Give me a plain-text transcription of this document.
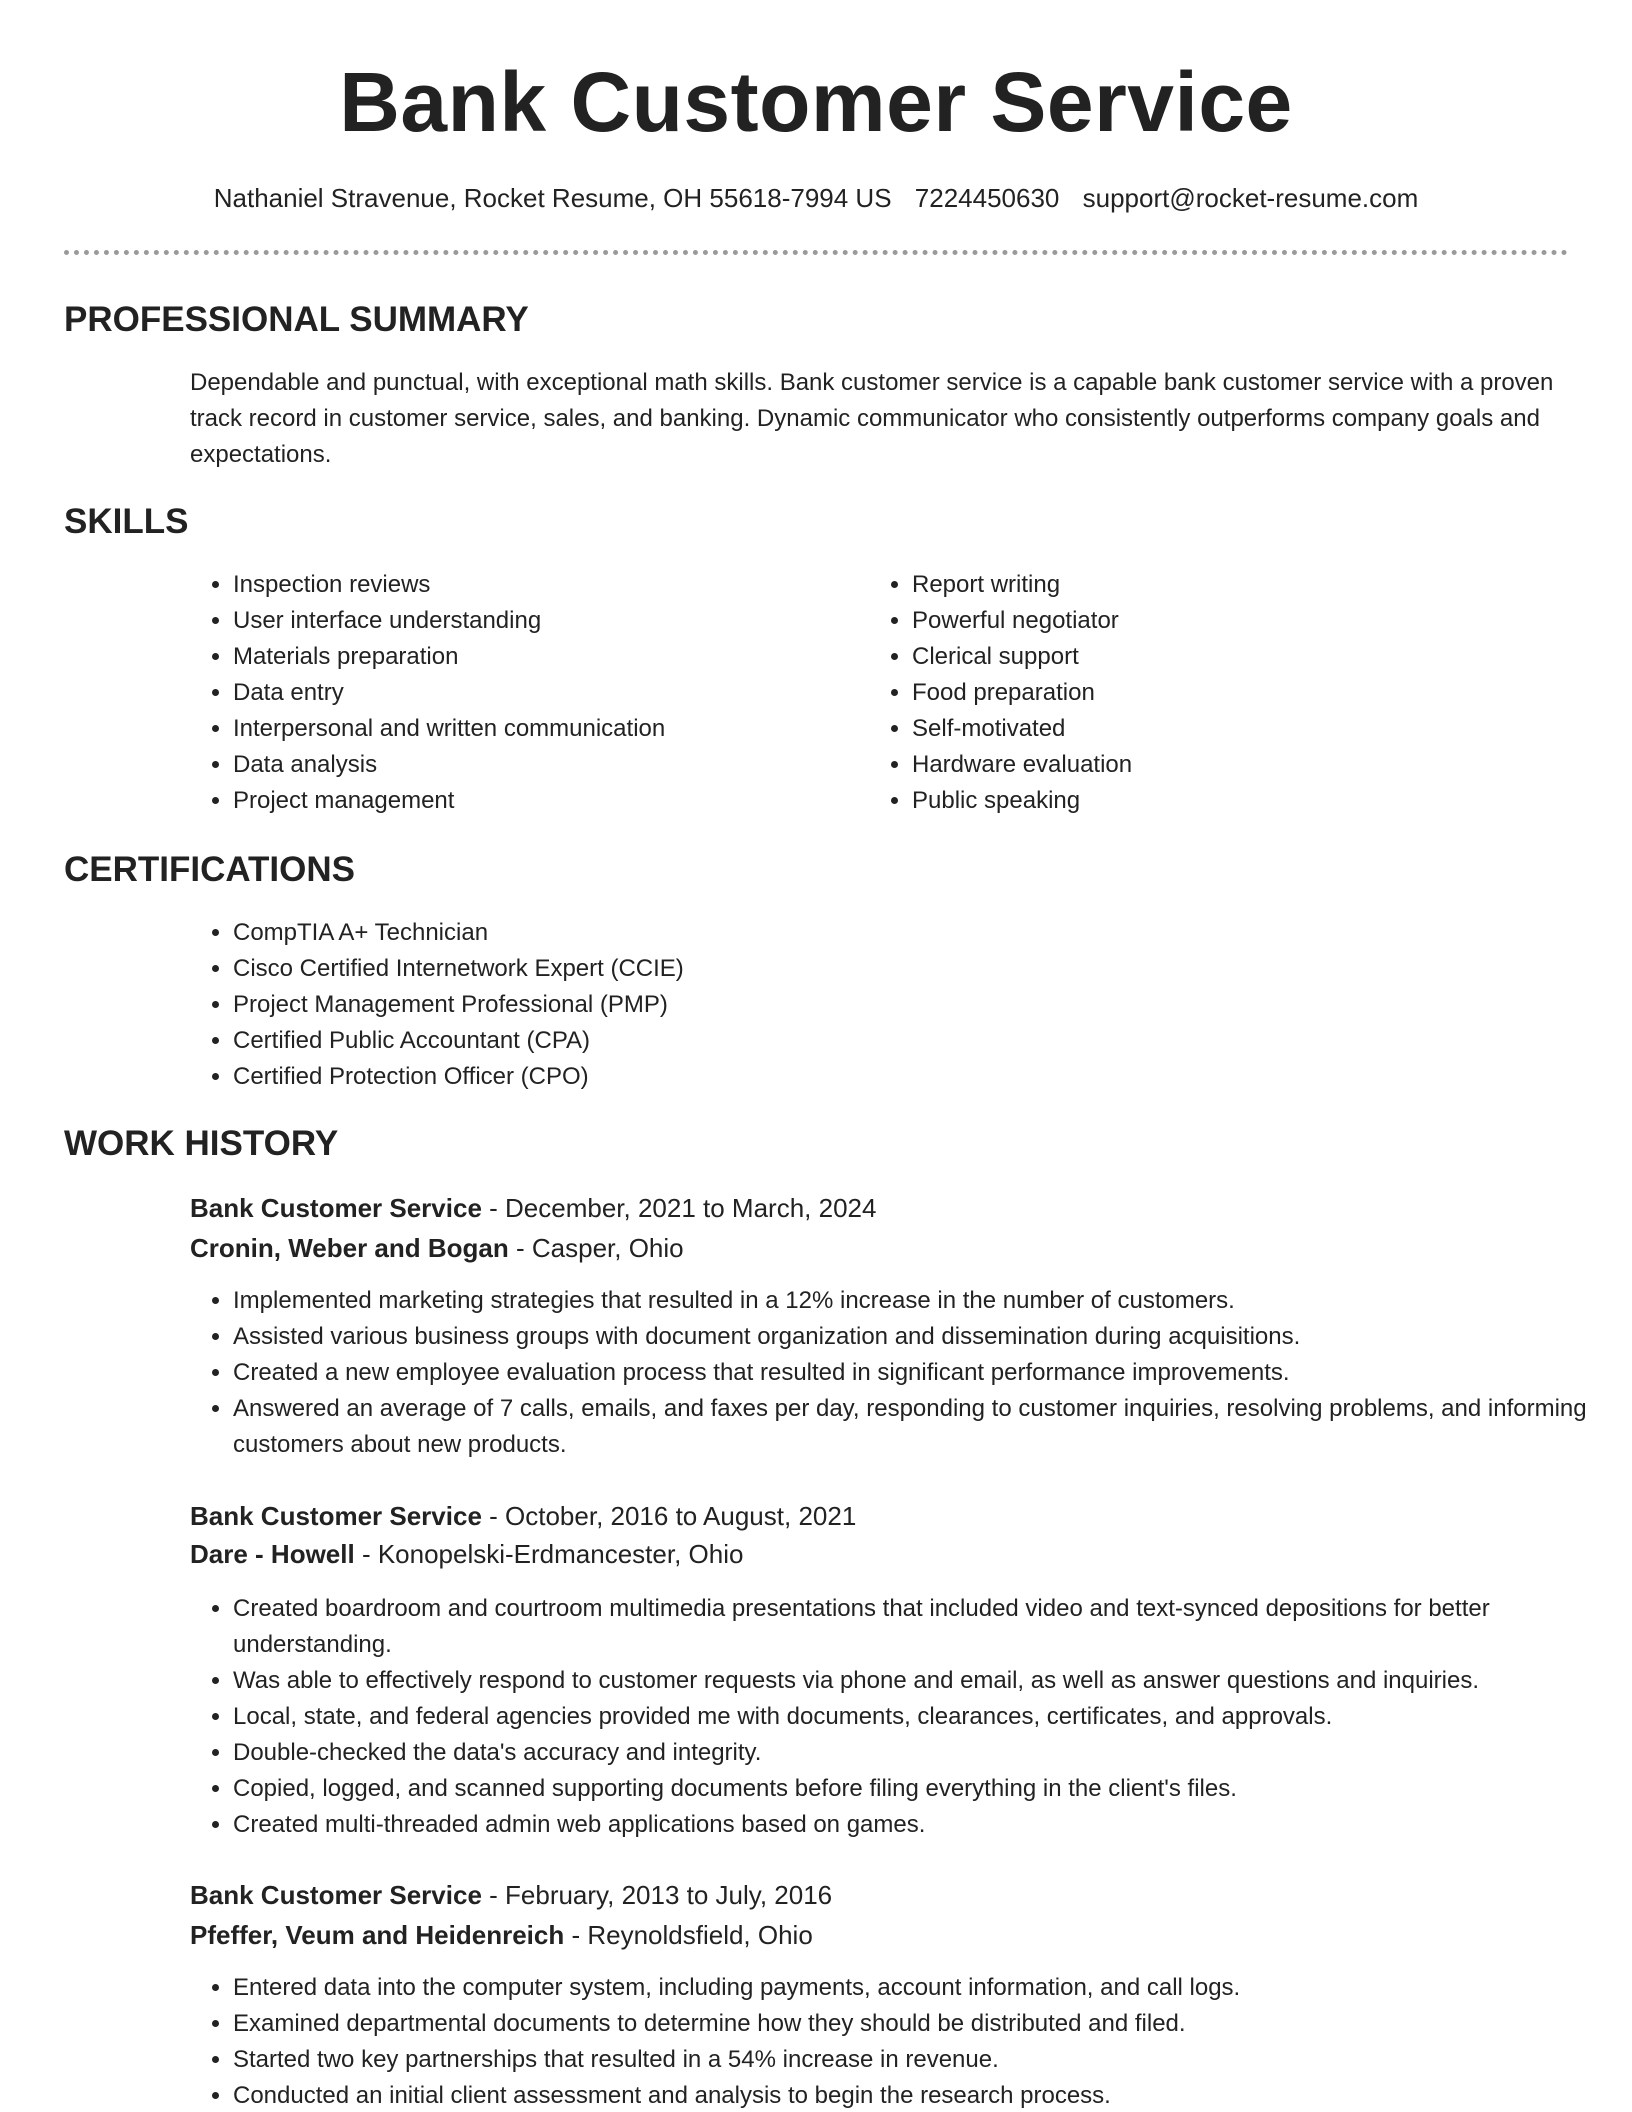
Bank Customer Service
Nathaniel Stravenue, Rocket Resume, OH 55618-7994 US 7224450630 support@rocket-resume.com
PROFESSIONAL SUMMARY

Dependable and punctual, with exceptional math skills. Bank customer service is a capable bank customer service with a proven track record in customer service, sales, and banking. Dynamic communicator who consistently outperforms company goals and expectations.

SKILLS
• Inspection reviews
• User interface understanding
• Materials preparation
• Data entry
• Interpersonal and written communication
• Data analysis
• Project management
• Report writing
• Powerful negotiator
• Clerical support
• Food preparation
• Self-motivated
• Hardware evaluation
• Public speaking
CERTIFICATIONS
• CompTIA A+ Technician
• Cisco Certified Internetwork Expert (CCIE)
• Project Management Professional (PMP)
• Certified Public Accountant (CPA)
• Certified Protection Officer (CPO)
WORK HISTORY
Bank Customer Service - December, 2021 to March, 2024
Cronin, Weber and Bogan - Casper, Ohio
• Implemented marketing strategies that resulted in a 12% increase in the number of customers.
• Assisted various business groups with document organization and dissemination during acquisitions.
• Created a new employee evaluation process that resulted in significant performance improvements.
• Answered an average of 7 calls, emails, and faxes per day, responding to customer inquiries, resolving problems, and informing customers about new products.
Bank Customer Service - October, 2016 to August, 2021
Dare - Howell - Konopelski-Erdmancester, Ohio
• Created boardroom and courtroom multimedia presentations that included video and text-synced depositions for better understanding.
• Was able to effectively respond to customer requests via phone and email, as well as answer questions and inquiries.
• Local, state, and federal agencies provided me with documents, clearances, certificates, and approvals.
• Double-checked the data's accuracy and integrity.
• Copied, logged, and scanned supporting documents before filing everything in the client's files.
• Created multi-threaded admin web applications based on games.
Bank Customer Service - February, 2013 to July, 2016
Pfeffer, Veum and Heidenreich - Reynoldsfield, Ohio
• Entered data into the computer system, including payments, account information, and call logs.
• Examined departmental documents to determine how they should be distributed and filed.
• Started two key partnerships that resulted in a 54% increase in revenue.
• Conducted an initial client assessment and analysis to begin the research process.
